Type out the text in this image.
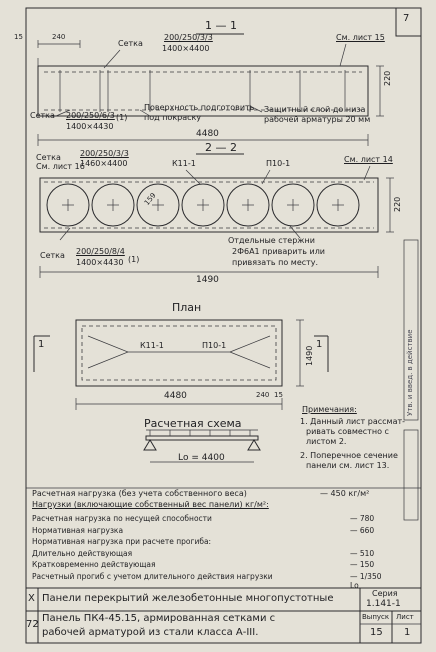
7
1 — 1
240
15
Сетка
200/250/3/3
1400×4400
См. лист 15
Сетка 200/250/6/3 (1)
1400×4430
Поверхность подготовить
под покраску
Защитный слой до низа
рабочей арматуры 20 мм
4480
220
2 — 2
См. лист 16
Сетка 200/250/3/3
1460×4400	К11-1	П10-1	См. лист 14
159	220
Сетка 200/250/8/4
(1)
1400×4430
Отдельные стержни
2Ф6А1 приварить или
привязать по месту.
1490
План
К11-1	П10-1
1	1
1490
4480	240 15
Расчетная схема
Lо = 4400
Примечания:
1. Данный лист рассмат-
ривать совместно с
листом 2.
2. Поперечное сечение
панели см. лист 13.
Расчетная нагрузка (без учета собственного веса)	— 450 кг/м²
Нагрузки (включающие собственный вес панели) кг/м²:
Расчетная нагрузка по несущей способности	— 780
Нормативная нагрузка	— 660
Нормативная нагрузка при расчете прогиба:
Длительно действующая	— 510
Кратковременно действующая	— 150
Расчетный прогиб с учетом длительного действия нагрузки	— 1/350 Lо
Х Панели перекрытий железобетонные многопустотные	Серия
1.141-1
72
Панель ПК4-45.15, армированная сетками с
рабочей арматурой из стали класса А-III.
Выпуск
15
Лист
1
Утв. и введ. в действие
